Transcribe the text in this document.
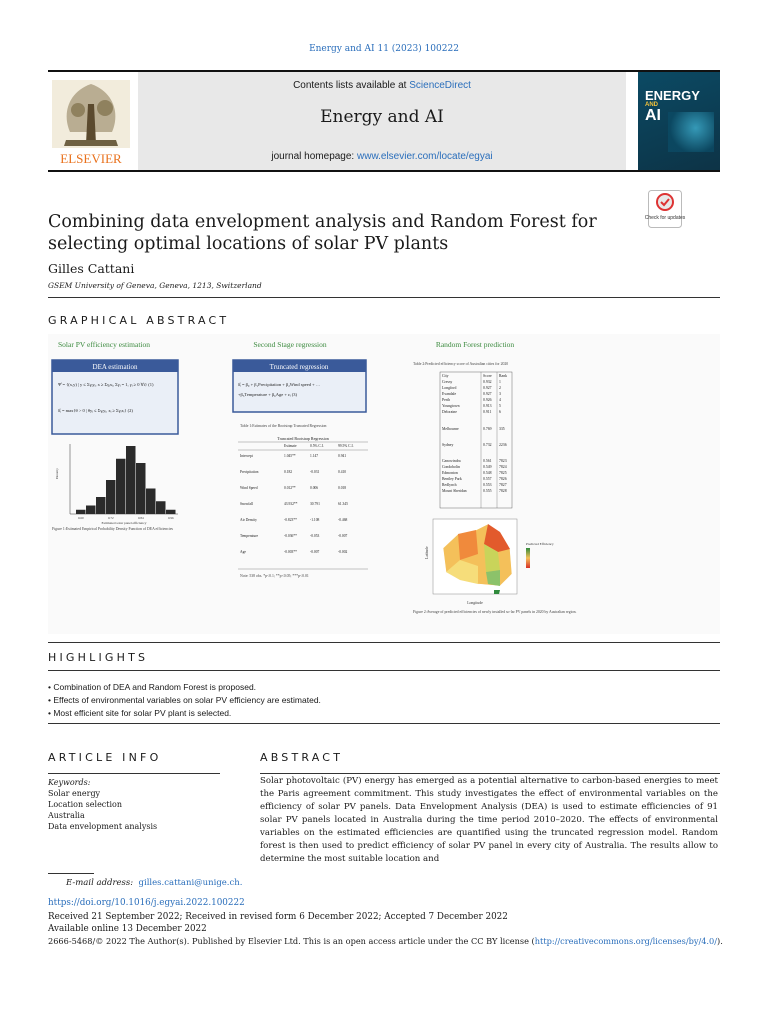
Energy and AI 11 (2023) 100222
ELSEVIER
Contents lists available at ScienceDirect
Energy and AI
journal homepage: www.elsevier.com/locate/egyai
ENERGY
AND
AI
Combining data envelopment analysis and Random Forest for selecting optimal locations of solar PV plants
Check for updates
Gilles Cattani
GSEM University of Geneva, Geneva, 1213, Switzerland
GRAPHICAL ABSTRACT
Solar PV efficiency estimation
DEA estimation
Ψ̂ = {(x,y) | y ≤ Σγᵢyᵢ, x ≥ Σγᵢxᵢ, Σγᵢ = 1, γᵢ ≥ 0 ∀i} (1)
δ̂ᵢ = max{θ > 0 | θyᵢ ≤ Σγᵢyᵢ, xᵢ ≥ Σγᵢxᵢ} (2)
0.60	0.72	0.84	0.96
Estimated solar panel efficiency
Density
Figure 1:Estimated Empirical Probability Density Function of DEA efficiencies
Second Stage regression
Truncated regression
δ̂ᵢ = β₀ + β₁Precipitation + β₂Wind speed + …
+β₅Temperature + β₆Age + εᵢ (3)
Table 1:Estimates of the Bootstrap Truncated Regression
Truncated Bootstrap Regression
Estimate	0.5% C.I.	99.5% C.I.
Intercept	1.045**	1.147	0.941
Precipitation	0.182	-0.031	0.410
Wind Speed	0.012**	0.006	0.018
Snowfall	43.932**	30.791	61.345
Air Density	-0.823**	-1.108	-0.468
Temperature	-0.036**	-0.053	-0.007
Age	-0.003**	-0.007	-0.002
Note: 538 obs. *p<0.1; **p<0.05; ***p<0.01
Random Forest prediction
Table 2:Predicted efficiency score of Australian cities for 2020
City	Score Rank
Cressy	0.932 1
Longford	0.927 2
Evandale	0.927 3
Perth	0.926 4
Youngtown	0.913 5
Deloraine	0.911 6
Melbourne	0.769 335
Sydney	0.732 2236
Canowindra	0.561 7823
Condobolin	0.549 7824
Edmonton	0.548 7825
Bentley Park	0.557 7826
Redlynch	0.553 7827
Mount Sheridan	0.555 7828
Longitude
Latitude
Predicted Efficiency
Figure 2:Average of predicted efficiencies of newly installed so-lar PV panels in 2020 by Australian region.
HIGHLIGHTS
• Combination of DEA and Random Forest is proposed.
• Effects of environmental variables on solar PV efficiency are estimated.
• Most efficient site for solar PV plant is selected.
ARTICLE INFO
Keywords:
Solar energy
Location selection
Australia
Data envelopment analysis
ABSTRACT
Solar photovoltaic (PV) energy has emerged as a potential alternative to carbon-based energies to meet the Paris agreement commitment. This study investigates the effect of environmental variables on the efficiency of solar PV panels. Data Envelopment Analysis (DEA) is used to estimate efficiencies of 91 solar PV panels located in Australia during the time period 2010–2020. The effects of environmental variables on the estimated efficiencies are quantified using the truncated regression model. Random forest is then used to predict efficiency of solar PV panel in every city of Australia. The results allow to determine the most suitable location and
E-mail address: gilles.cattani@unige.ch.
https://doi.org/10.1016/j.egyai.2022.100222
Received 21 September 2022; Received in revised form 6 December 2022; Accepted 7 December 2022
Available online 13 December 2022
2666-5468/© 2022 The Author(s). Published by Elsevier Ltd. This is an open access article under the CC BY license (http://creativecommons.org/licenses/by/4.0/).
